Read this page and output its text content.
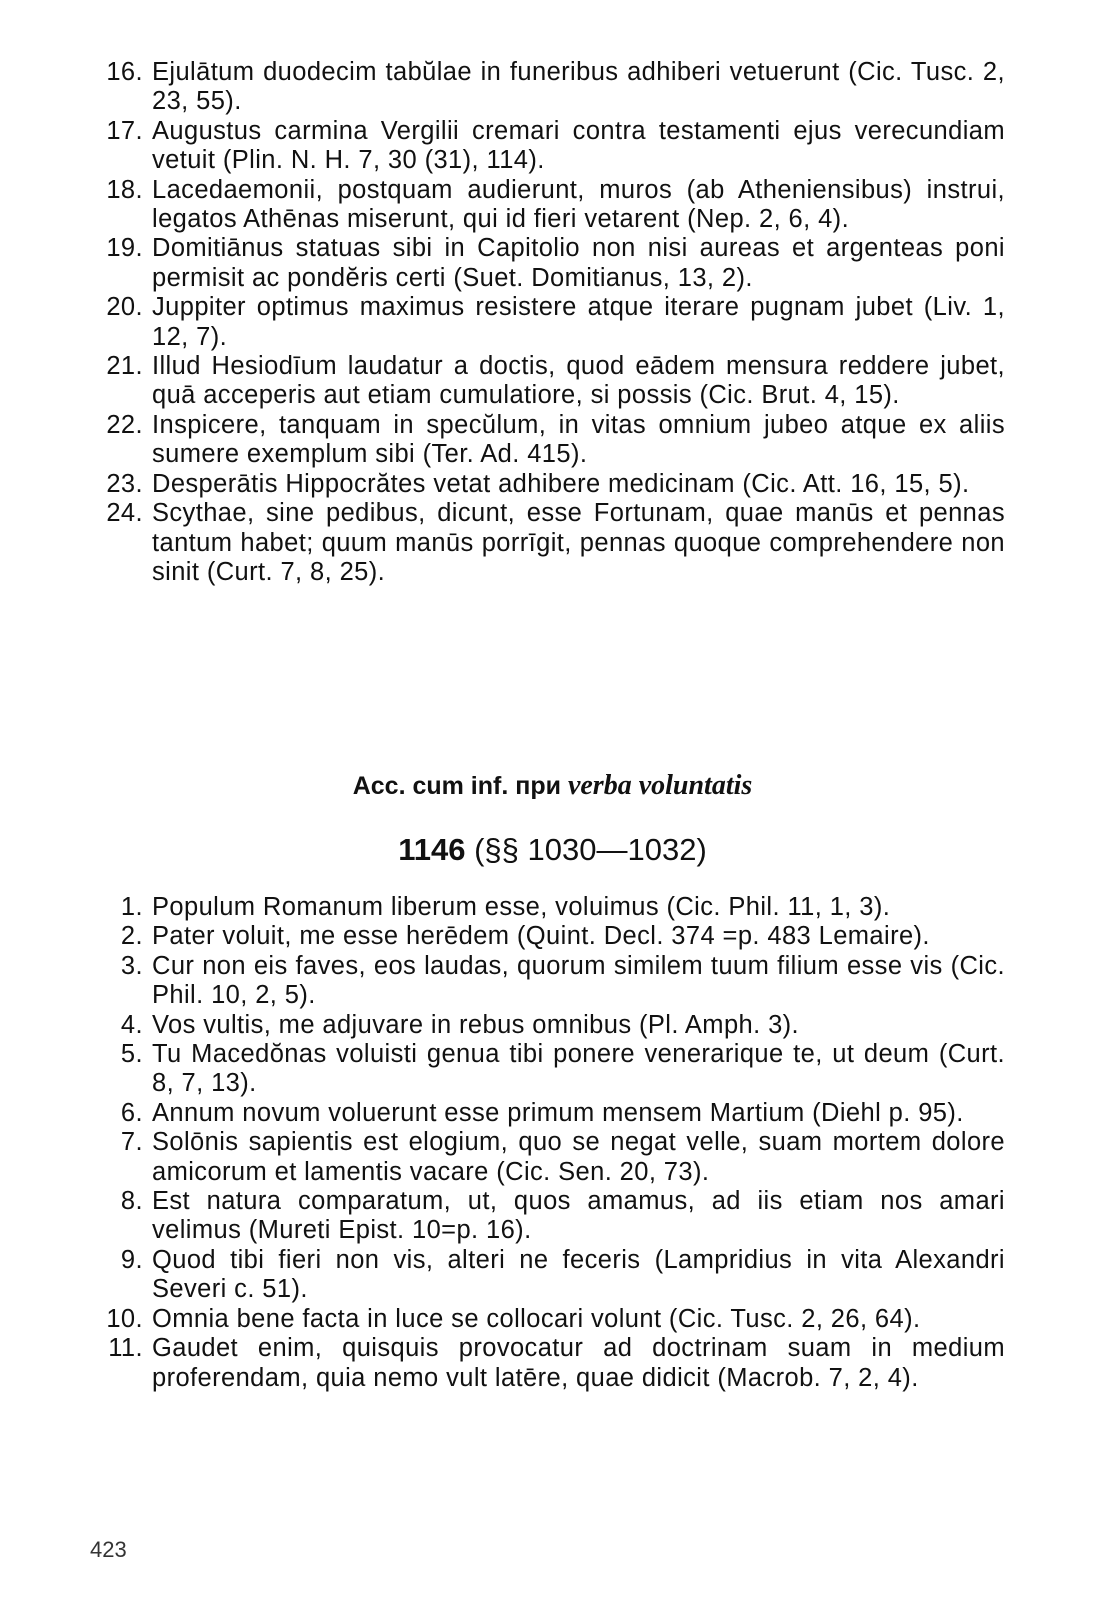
16. Ejulātum duodecim tabŭlae in funeribus adhiberi vetuerunt (Cic. Tusc. 2, 23, 55).
17. Augustus carmina Vergilii cremari contra testamenti ejus verecundiam vetuit (Plin. N. H. 7, 30 (31), 114).
18. Lacedaemonii, postquam audierunt, muros (ab Atheniensibus) instrui, legatos Athēnas miserunt, qui id fieri vetarent (Nep. 2, 6, 4).
19. Domitiānus statuas sibi in Capitolio non nisi aureas et argenteas poni permisit ac pondĕris certi (Suet. Domitianus, 13, 2).
20. Juppiter optimus maximus resistere atque iterare pugnam jubet (Liv. 1, 12, 7).
21. Illud Hesiodīum laudatur a doctis, quod eādem mensura reddere jubet, quā acceperis aut etiam cumulatiore, si possis (Cic. Brut. 4, 15).
22. Inspicere, tanquam in specŭlum, in vitas omnium jubeo atque ex aliis sumere exemplum sibi (Ter. Ad. 415).
23. Desperātis Hippocrătes vetat adhibere medicinam (Cic. Att. 16, 15, 5).
24. Scythae, sine pedibus, dicunt, esse Fortunam, quae manūs et pennas tantum habet; quum manūs porrīgit, pennas quoque comprehendere non sinit (Curt. 7, 8, 25).
Acc. cum inf. при verba voluntatis
1146 (§§ 1030—1032)
1. Populum Romanum liberum esse, voluimus (Cic. Phil. 11, 1, 3).
2. Pater voluit, me esse herēdem (Quint. Decl. 374 =p. 483 Lemaire).
3. Cur non eis faves, eos laudas, quorum similem tuum filium esse vis (Cic. Phil. 10, 2, 5).
4. Vos vultis, me adjuvare in rebus omnibus (Pl. Amph. 3).
5. Tu Macedŏnas voluisti genua tibi ponere venerarique te, ut deum (Curt. 8, 7, 13).
6. Annum novum voluerunt esse primum mensem Martium (Diehl p. 95).
7. Solōnis sapientis est elogium, quo se negat velle, suam mortem dolore amicorum et lamentis vacare (Cic. Sen. 20, 73).
8. Est natura comparatum, ut, quos amamus, ad iis etiam nos amari velimus (Mureti Epist. 10=p. 16).
9. Quod tibi fieri non vis, alteri ne feceris (Lampridius in vita Alexandri Severi c. 51).
10. Omnia bene facta in luce se collocari volunt (Cic. Tusc. 2, 26, 64).
11. Gaudet enim, quisquis provocatur ad doctrinam suam in medium proferendam, quia nemo vult latēre, quae didicit (Macrob. 7, 2, 4).
423
